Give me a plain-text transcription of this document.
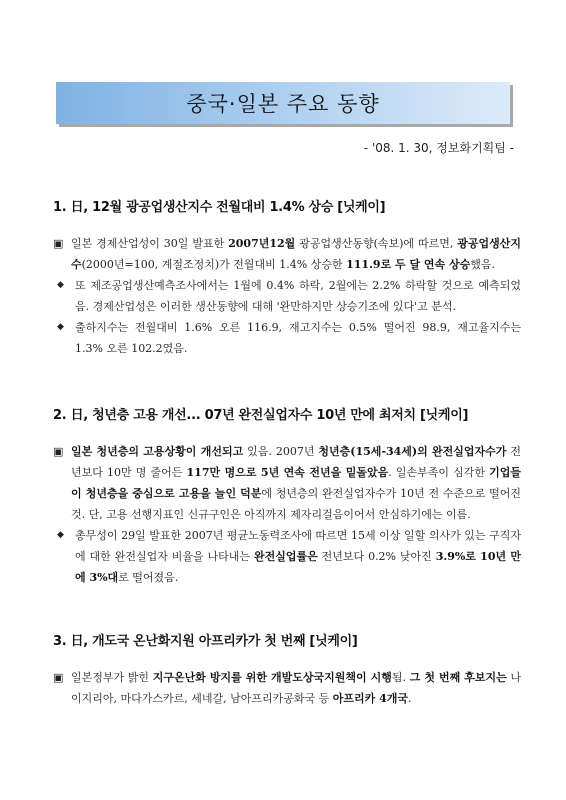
중국·일본 주요 동향
- '08. 1. 30, 정보화기획팀 -
1. 日, 12월 광공업생산지수 전월대비 1.4% 상승 [닛케이]
▣ 일본 경제산업성이 30일 발표한 2007년12월 광공업생산동향(속보)에 따르면, 광공업생산지수(2000년=100, 계절조정치)가 전월대비 1.4% 상승한 111.9로 두 달 연속 상승했음.
◆	또 제조공업생산예측조사에서는 1월에 0.4% 하락, 2월에는 2.2% 하락할 것으로 예측되었음. 경제산업성은 이러한 생산동향에 대해 '완만하지만 상승기조에 있다'고 분석.
◆	출하지수는 전월대비 1.6% 오른 116.9, 재고지수는 0.5% 떨어진 98.9, 재고율지수는 1.3% 오른 102.2였음.
2. 日, 청년층 고용 개선... 07년 완전실업자수 10년 만에 최저치 [닛케이]
▣ 일본 청년층의 고용상황이 개선되고 있음. 2007년 청년층(15세-34세)의 완전실업자수가 전년보다 10만 명 줄어든 117만 명으로 5년 연속 전년을 밑돌았음. 일손부족이 심각한 기업들이 청년층을 중심으로 고용을 늘인 덕분에 청년층의 완전실업자수가 10년 전 수준으로 떨어진 것. 단, 고용 선행지표인 신규구인은 아직까지 제자리걸음이어서 안심하기에는 이름.
◆	총무성이 29일 발표한 2007년 평균노동력조사에 따르면 15세 이상 일할 의사가 있는 구직자에 대한 완전실업자 비율을 나타내는 완전실업률은 전년보다 0.2% 낮아진 3.9%로 10년 만에 3%대로 떨어졌음.
3. 日, 개도국 온난화지원 아프리카가 첫 번째 [닛케이]
▣ 일본정부가 밝힌 지구온난화 방지를 위한 개발도상국지원책이 시행됨. 그 첫 번째 후보지는 나이지리아, 마다가스카르, 세네갈, 남아프리카공화국 등 아프리카 4개국.
